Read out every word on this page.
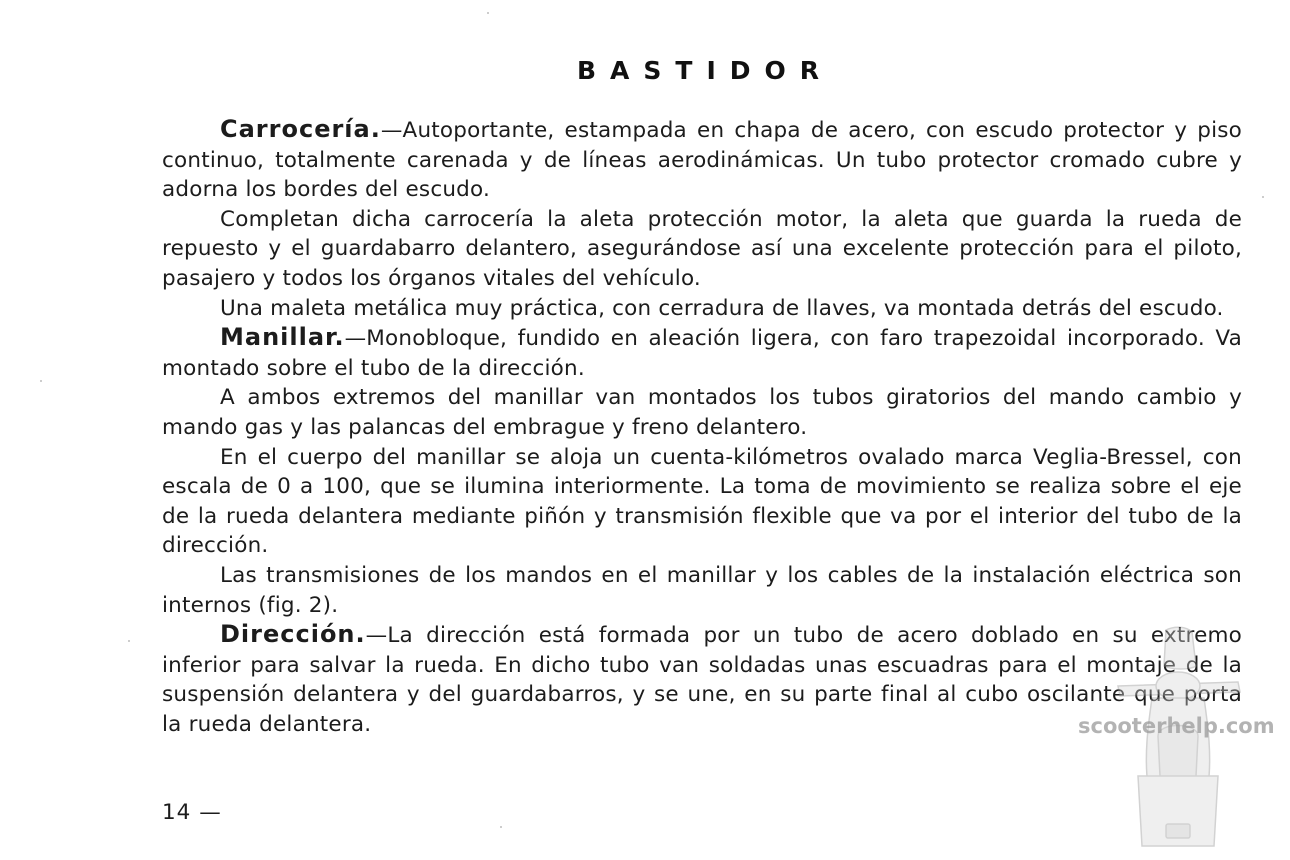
BASTIDOR

Carrocería.—Autoportante, estampada en chapa de acero, con escudo protector y piso continuo, totalmente carenada y de líneas aerodinámicas. Un tubo protector cromado cubre y adorna los bordes del escudo.

Completan dicha carrocería la aleta protección motor, la aleta que guarda la rueda de repuesto y el guardabarro delantero, asegurándose así una excelente protección para el piloto, pasajero y todos los órganos vitales del vehículo.

Una maleta metálica muy práctica, con cerradura de llaves, va montada detrás del escudo.

Manillar.—Monobloque, fundido en aleación ligera, con faro trapezoidal incorporado. Va montado sobre el tubo de la dirección.

A ambos extremos del manillar van montados los tubos giratorios del mando cambio y mando gas y las palancas del embrague y freno delantero.

En el cuerpo del manillar se aloja un cuenta-kilómetros ovalado marca Veglia-Bressel, con escala de 0 a 100, que se ilumina interiormente. La toma de movimiento se realiza sobre el eje de la rueda delantera mediante piñón y transmisión flexible que va por el interior del tubo de la dirección.

Las transmisiones de los mandos en el manillar y los cables de la instalación eléctrica son internos (fig. 2).

Dirección.—La dirección está formada por un tubo de acero doblado en su extremo inferior para salvar la rueda. En dicho tubo van soldadas unas escuadras para el montaje de la suspensión delantera y del guardabarros, y se une, en su parte final al cubo oscilante que porta la rueda delantera.

14 —
scooterhelp.com
